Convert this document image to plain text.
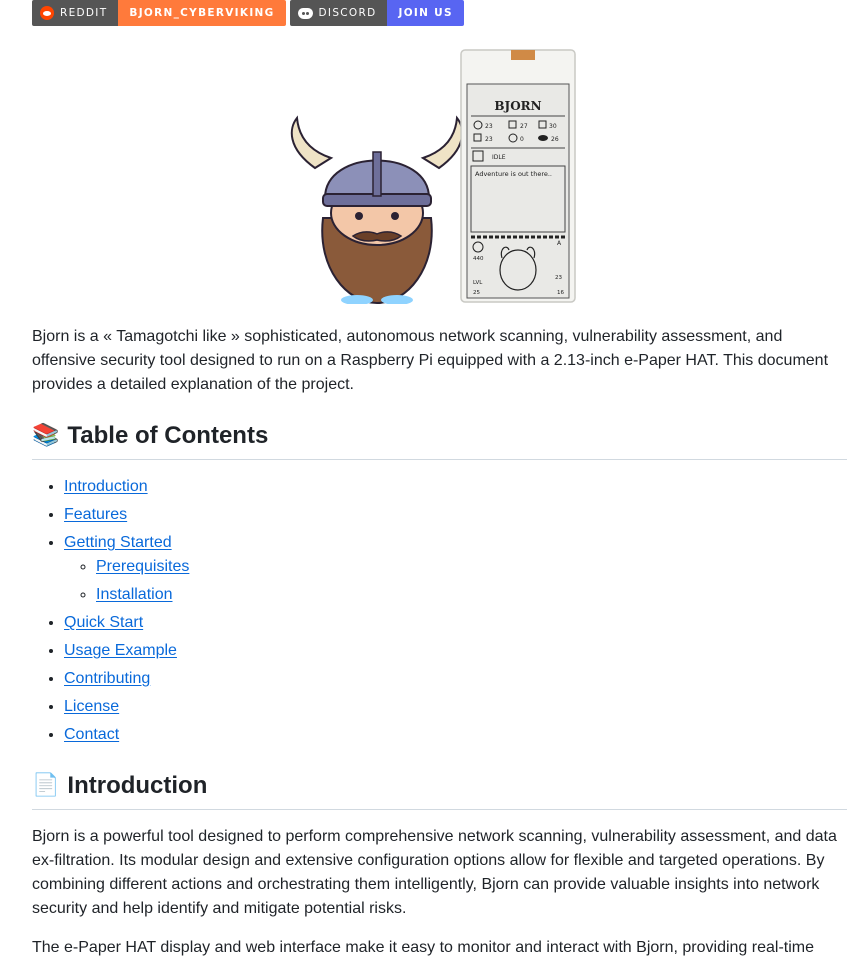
REDDIT	BJORN_CYBERVIKING	DISCORD	JOIN US
BJORN
23	27	30
23	0	26
IDLE
Adventure is out there..
440
LVL
25
A
23
16

Bjorn is a « Tamagotchi like » sophisticated, autonomous network scanning, vulnerability assessment, and offensive security tool designed to run on a Raspberry Pi equipped with a 2.13-inch e-Paper HAT. This document provides a detailed explanation of the project.

📚 Table of Contents
• Introduction
• Features
• Getting Started
◦ Prerequisites
◦ Installation
• Quick Start
• Usage Example
• Contributing
• License
• Contact
📄 Introduction

Bjorn is a powerful tool designed to perform comprehensive network scanning, vulnerability assessment, and data ex-filtration. Its modular design and extensive configuration options allow for flexible and targeted operations. By combining different actions and orchestrating them intelligently, Bjorn can provide valuable insights into network security and help identify and mitigate potential risks.

The e-Paper HAT display and web interface make it easy to monitor and interact with Bjorn, providing real-time
